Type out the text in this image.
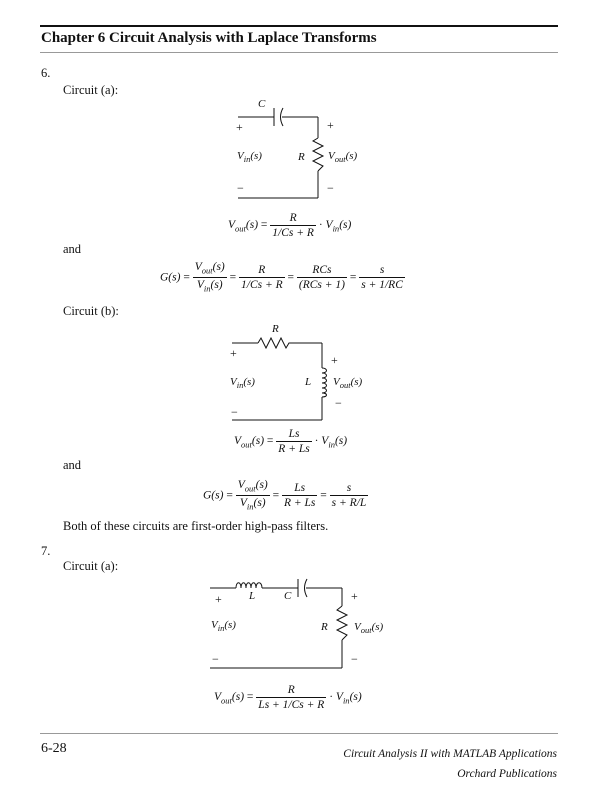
Chapter 6 Circuit Analysis with Laplace Transforms
6.
Circuit (a):
C
+	+
$V_{in}(s)$	R $V_{out}(s)$
−	−
$V_{out}(s) = \frac{R}{1/Cs + R} \cdot V_{in}(s)$
and
$G(s) = \frac{V_{out}(s)}{V_{in}(s)} = \frac{R}{1/Cs + R} = \frac{\text{RCs}}{\text{(RCs + 1)}} = \frac{s}{s + 1/RC}$
Circuit (b):
R
+	+
$V_{in}(s)$	L $V_{out}(s)$
−
−
$V_{out}(s) = \frac{Ls}{R + Ls} \cdot V_{in}(s)$
and
$G(s) = \frac{V_{out}(s)}{V_{in}(s)} = \frac{Ls}{R + Ls} = \frac{s}{s + R/L}$
Both of these circuits are first-order high-pass filters.
7.
Circuit (a):
+ L	C	+
$V_{in}(s)$	R $V_{out}(s)$
−	−
$V_{out}(s) = \frac{R}{Ls + 1/Cs + R} \cdot V_{in}(s)$
6-28	Circuit Analysis II with MATLAB Applications
Orchard Publications
